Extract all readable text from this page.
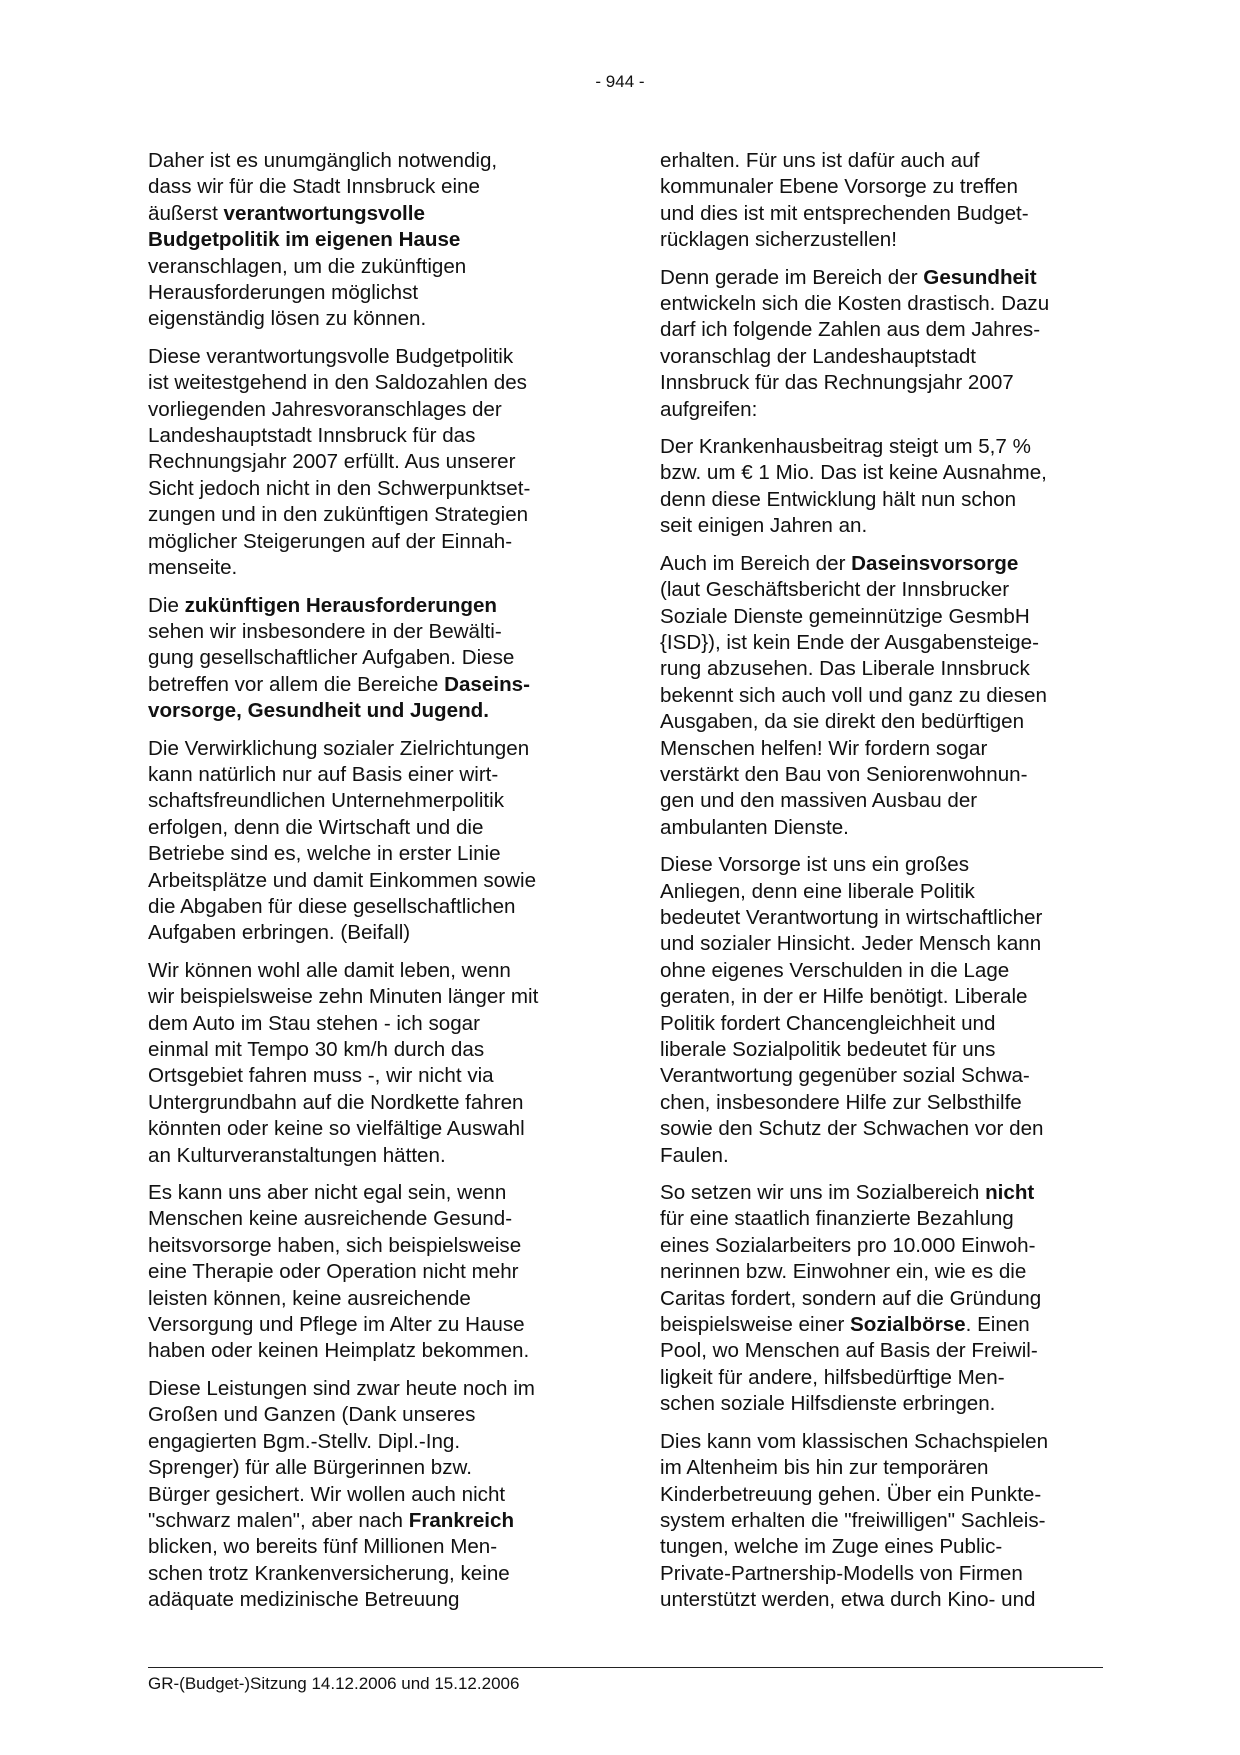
- 944 -

Daher ist es unumgänglich notwendig,
dass wir für die Stadt Innsbruck eine
äußerst verantwortungsvolle
Budgetpolitik im eigenen Hause
veranschlagen, um die zukünftigen
Herausforderungen möglichst
eigenständig lösen zu können.

Diese verantwortungsvolle Budgetpolitik
ist weitestgehend in den Saldozahlen des
vorliegenden Jahresvoranschlages der
Landeshauptstadt Innsbruck für das
Rechnungsjahr 2007 erfüllt. Aus unserer
Sicht jedoch nicht in den Schwerpunktset-
zungen und in den zukünftigen Strategien
möglicher Steigerungen auf der Einnah-
menseite.

Die zukünftigen Herausforderungen
sehen wir insbesondere in der Bewälti-
gung gesellschaftlicher Aufgaben. Diese
betreffen vor allem die Bereiche Daseins-
vorsorge, Gesundheit und Jugend.

Die Verwirklichung sozialer Zielrichtungen
kann natürlich nur auf Basis einer wirt-
schaftsfreundlichen Unternehmerpolitik
erfolgen, denn die Wirtschaft und die
Betriebe sind es, welche in erster Linie
Arbeitsplätze und damit Einkommen sowie
die Abgaben für diese gesellschaftlichen
Aufgaben erbringen. (Beifall)

Wir können wohl alle damit leben, wenn
wir beispielsweise zehn Minuten länger mit
dem Auto im Stau stehen - ich sogar
einmal mit Tempo 30 km/h durch das
Ortsgebiet fahren muss -, wir nicht via
Untergrundbahn auf die Nordkette fahren
könnten oder keine so vielfältige Auswahl
an Kulturveranstaltungen hätten.

Es kann uns aber nicht egal sein, wenn
Menschen keine ausreichende Gesund-
heitsvorsorge haben, sich beispielsweise
eine Therapie oder Operation nicht mehr
leisten können, keine ausreichende
Versorgung und Pflege im Alter zu Hause
haben oder keinen Heimplatz bekommen.

Diese Leistungen sind zwar heute noch im
Großen und Ganzen (Dank unseres
engagierten Bgm.-Stellv. Dipl.-Ing.
Sprenger) für alle Bürgerinnen bzw.
Bürger gesichert. Wir wollen auch nicht
"schwarz malen", aber nach Frankreich
blicken, wo bereits fünf Millionen Men-
schen trotz Krankenversicherung, keine
adäquate medizinische Betreuung

erhalten. Für uns ist dafür auch auf
kommunaler Ebene Vorsorge zu treffen
und dies ist mit entsprechenden Budget-
rücklagen sicherzustellen!

Denn gerade im Bereich der Gesundheit
entwickeln sich die Kosten drastisch. Dazu
darf ich folgende Zahlen aus dem Jahres-
voranschlag der Landeshauptstadt
Innsbruck für das Rechnungsjahr 2007
aufgreifen:

Der Krankenhausbeitrag steigt um 5,7 %
bzw. um € 1 Mio. Das ist keine Ausnahme,
denn diese Entwicklung hält nun schon
seit einigen Jahren an.

Auch im Bereich der Daseinsvorsorge
(laut Geschäftsbericht der Innsbrucker
Soziale Dienste gemeinnützige GesmbH
{ISD}), ist kein Ende der Ausgabensteige-
rung abzusehen. Das Liberale Innsbruck
bekennt sich auch voll und ganz zu diesen
Ausgaben, da sie direkt den bedürftigen
Menschen helfen! Wir fordern sogar
verstärkt den Bau von Seniorenwohnun-
gen und den massiven Ausbau der
ambulanten Dienste.

Diese Vorsorge ist uns ein großes
Anliegen, denn eine liberale Politik
bedeutet Verantwortung in wirtschaftlicher
und sozialer Hinsicht. Jeder Mensch kann
ohne eigenes Verschulden in die Lage
geraten, in der er Hilfe benötigt. Liberale
Politik fordert Chancengleichheit und
liberale Sozialpolitik bedeutet für uns
Verantwortung gegenüber sozial Schwa-
chen, insbesondere Hilfe zur Selbsthilfe
sowie den Schutz der Schwachen vor den
Faulen.

So setzen wir uns im Sozialbereich nicht
für eine staatlich finanzierte Bezahlung
eines Sozialarbeiters pro 10.000 Einwoh-
nerinnen bzw. Einwohner ein, wie es die
Caritas fordert, sondern auf die Gründung
beispielsweise einer Sozialbörse. Einen
Pool, wo Menschen auf Basis der Freiwil-
ligkeit für andere, hilfsbedürftige Men-
schen soziale Hilfsdienste erbringen.

Dies kann vom klassischen Schachspielen
im Altenheim bis hin zur temporären
Kinderbetreuung gehen. Über ein Punkte-
system erhalten die "freiwilligen" Sachleis-
tungen, welche im Zuge eines Public-
Private-Partnership-Modells von Firmen
unterstützt werden, etwa durch Kino- und

GR-(Budget-)Sitzung 14.12.2006 und 15.12.2006
